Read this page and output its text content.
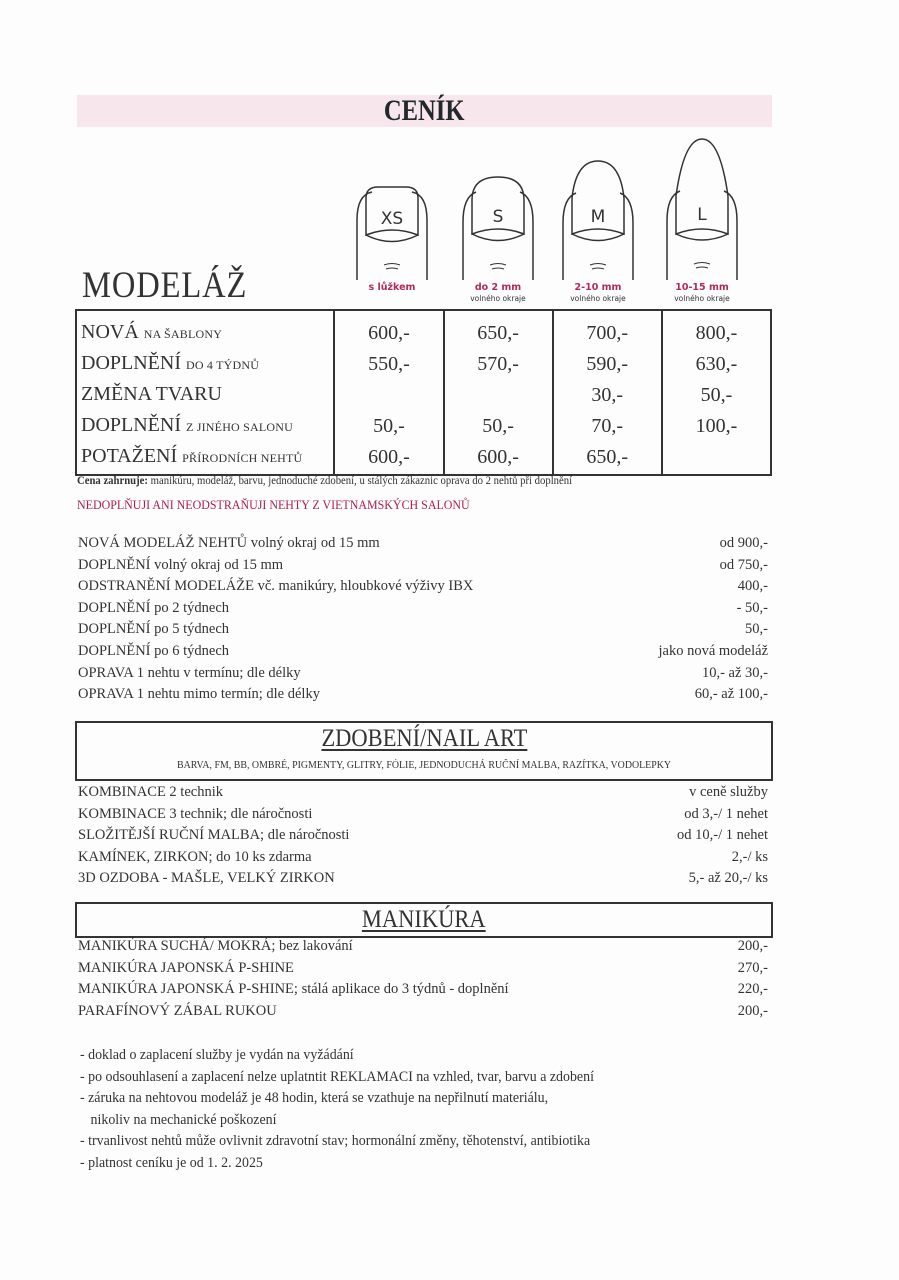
CENÍK
MODELÁŽ
XS	S	M	L
s lůžkem	do 2 mm
volného okraje
2-10 mm
volného okraje
10-15 mm
volného okraje
NOVÁ NA ŠABLONY	600,-	650,-	700,-	800,-
DOPLNĚNÍ DO 4 TÝDNŮ	550,-	570,-	590,-	630,-
ZMĚNA TVARU			30,-	50,-
DOPLNĚNÍ Z JINÉHO SALONU	50,-	50,-	70,-	100,-
POTAŽENÍ PŘÍRODNÍCH NEHTŮ	600,-	600,-	650,-	
Cena zahrnuje: manikúru, modeláž, barvu, jednoduché zdobení, u stálých zákaznic oprava do 2 nehtů při doplnění
NEDOPLŇUJI ANI NEODSTRAŇUJI NEHTY Z VIETNAMSKÝCH SALONŮ
NOVÁ MODELÁŽ NEHTŮ volný okraj od 15 mm	od 900,-
DOPLNĚNÍ volný okraj od 15 mm	od 750,-
ODSTRANĚNÍ MODELÁŽE vč. manikúry, hloubkové výživy IBX	400,-
DOPLNĚNÍ po 2 týdnech	- 50,-
DOPLNĚNÍ po 5 týdnech	50,-
DOPLNĚNÍ po 6 týdnech	jako nová modeláž
OPRAVA 1 nehtu v termínu; dle délky	10,- až 30,-
OPRAVA 1 nehtu mimo termín; dle délky	60,- až 100,-
ZDOBENÍ/NAIL ART
BARVA, FM, BB, OMBRÉ, PIGMENTY, GLITRY, FÓLIE, JEDNODUCHÁ RUČNÍ MALBA, RAZÍTKA, VODOLEPKY
KOMBINACE 2 technik	v ceně služby
KOMBINACE 3 technik; dle náročnosti	od 3,-/ 1 nehet
SLOŽITĚJŠÍ RUČNÍ MALBA; dle náročnosti	od 10,-/ 1 nehet
KAMÍNEK, ZIRKON; do 10 ks zdarma	2,-/ ks
3D OZDOBA - MAŠLE, VELKÝ ZIRKON	5,- až 20,-/ ks
MANIKÚRA
MANIKÚRA SUCHÁ/ MOKRÁ; bez lakování	200,-
MANIKÚRA JAPONSKÁ P-SHINE	270,-
MANIKÚRA JAPONSKÁ P-SHINE; stálá aplikace do 3 týdnů - doplnění	220,-
PARAFÍNOVÝ ZÁBAL RUKOU	200,-
- doklad o zaplacení služby je vydán na vyžádání
- po odsouhlasení a zaplacení nelze uplatntit REKLAMACI na vzhled, tvar, barvu a zdobení
- záruka na nehtovou modeláž je 48 hodin, která se vzathuje na nepřilnutí materiálu,
nikoliv na mechanické poškození
- trvanlivost nehtů může ovlivnit zdravotní stav; hormonální změny, těhotenství, antibiotika
- platnost ceníku je od 1. 2. 2025
